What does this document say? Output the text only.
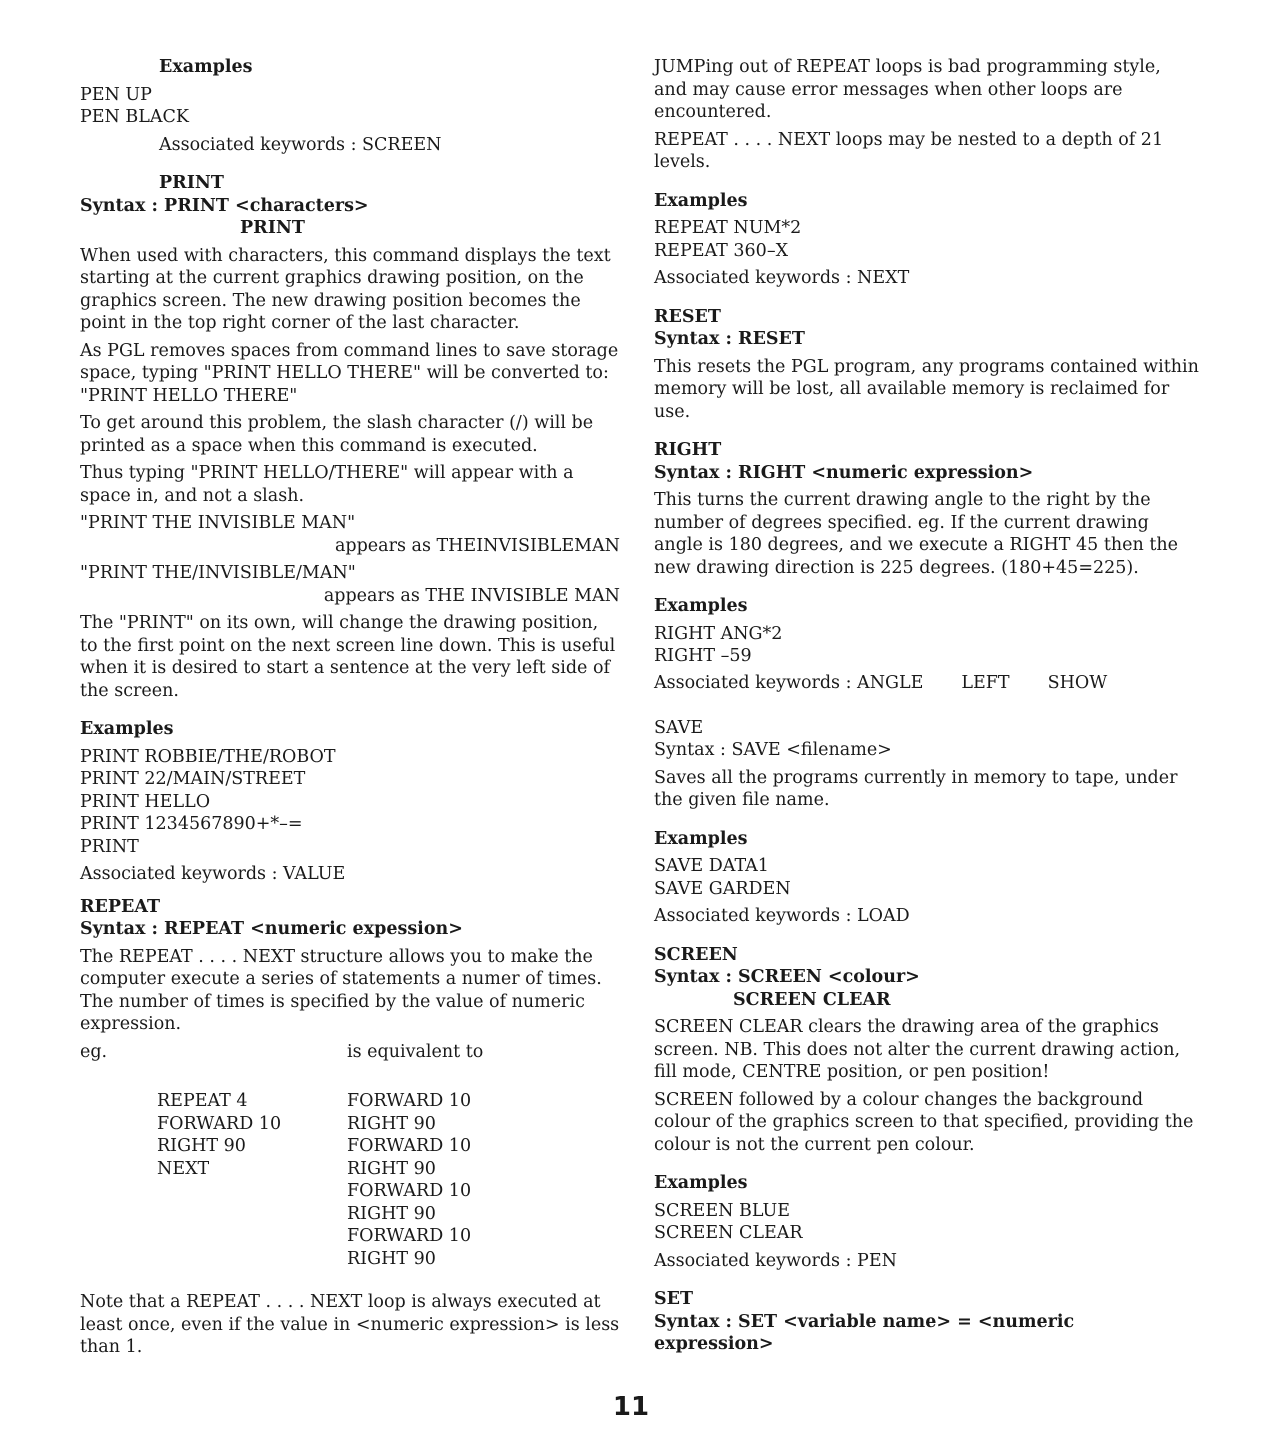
Examples

PEN UP

PEN BLACK

Associated keywords : SCREEN

PRINT

Syntax : PRINT <characters>

PRINT

When used with characters, this command displays the text starting at the current graphics drawing position, on the graphics screen. The new drawing position becomes the point in the top right corner of the last character.

As PGL removes spaces from command lines to save storage space, typing "PRINT HELLO THERE" will be converted to: "PRINT HELLO THERE"

To get around this problem, the slash character (/) will be printed as a space when this command is executed.

Thus typing "PRINT HELLO/THERE" will appear with a space in, and not a slash.

"PRINT THE INVISIBLE MAN"

appears as THEINVISIBLEMAN

"PRINT THE/INVISIBLE/MAN"

appears as THE INVISIBLE MAN

The "PRINT" on its own, will change the drawing position, to the first point on the next screen line down. This is useful when it is desired to start a sentence at the very left side of the screen.

Examples

PRINT ROBBIE/THE/ROBOT

PRINT 22/MAIN/STREET

PRINT HELLO

PRINT 1234567890+*–=

PRINT

Associated keywords : VALUE

REPEAT

Syntax : REPEAT <numeric expession>

The REPEAT . . . . NEXT structure allows you to make the computer execute a series of statements a numer of times. The number of times is specified by the value of numeric expression.

eg.	is equivalent to

REPEAT 4

FORWARD 10

RIGHT 90

NEXT

FORWARD 10

RIGHT 90

FORWARD 10

RIGHT 90

FORWARD 10

RIGHT 90

FORWARD 10

RIGHT 90

Note that a REPEAT . . . . NEXT loop is always executed at least once, even if the value in <numeric expression> is less than 1.

JUMPing out of REPEAT loops is bad programming style, and may cause error messages when other loops are encountered.

REPEAT . . . . NEXT loops may be nested to a depth of 21 levels.

Examples

REPEAT NUM*2

REPEAT 360–X

Associated keywords : NEXT

RESET

Syntax : RESET

This resets the PGL program, any programs contained within memory will be lost, all available memory is reclaimed for use.

RIGHT

Syntax : RIGHT <numeric expression>

This turns the current drawing angle to the right by the number of degrees specified. eg. If the current drawing angle is 180 degrees, and we execute a RIGHT 45 then the new drawing direction is 225 degrees. (180+45=225).

Examples

RIGHT ANG*2

RIGHT –59

Associated keywords : ANGLE LEFT SHOW

SAVE

Syntax : SAVE <filename>

Saves all the programs currently in memory to tape, under the given file name.

Examples

SAVE DATA1

SAVE GARDEN

Associated keywords : LOAD

SCREEN

Syntax : SCREEN <colour>

SCREEN CLEAR

SCREEN CLEAR clears the drawing area of the graphics screen. NB. This does not alter the current drawing action, fill mode, CENTRE position, or pen position!

SCREEN followed by a colour changes the background colour of the graphics screen to that specified, providing the colour is not the current pen colour.

Examples

SCREEN BLUE

SCREEN CLEAR

Associated keywords : PEN

SET

Syntax : SET <variable name> = <numeric expression>

11
